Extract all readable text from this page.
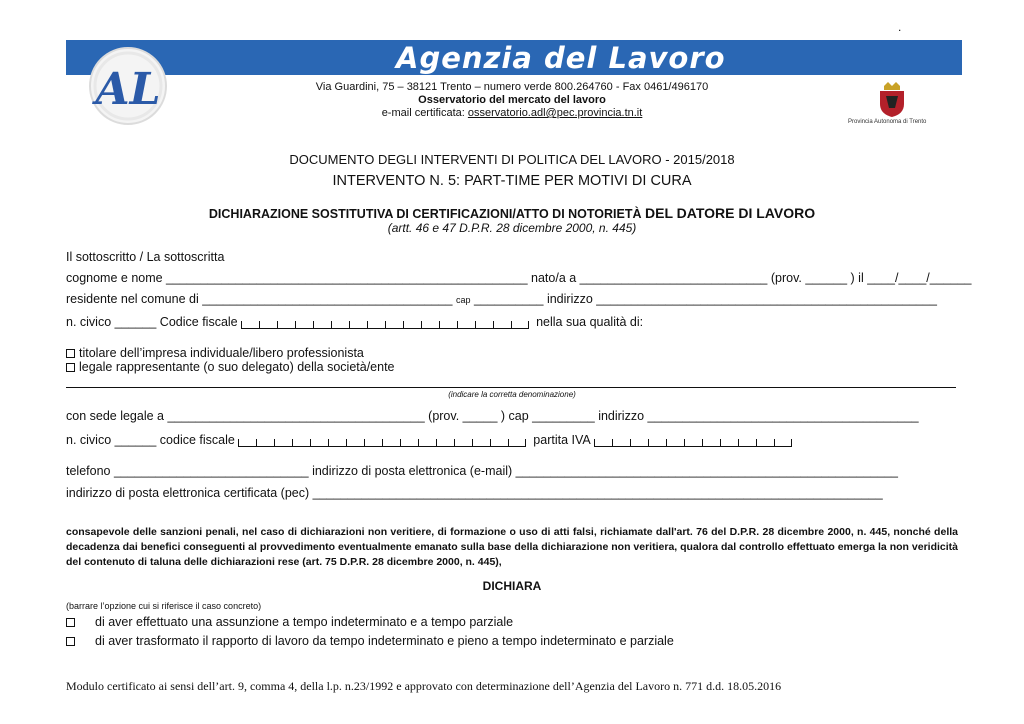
.
Agenzia del Lavoro
AL
Provincia Autonoma di Trento
Via Guardini, 75 – 38121 Trento – numero verde 800.264760 - Fax 0461/496170
Osservatorio del mercato del lavoro
e-mail certificata: osservatorio.adl@pec.provincia.tn.it
DOCUMENTO DEGLI INTERVENTI DI POLITICA DEL LAVORO - 2015/2018
INTERVENTO N. 5: PART-TIME PER MOTIVI DI CURA
DICHIARAZIONE SOSTITUTIVA DI CERTIFICAZIONI/ATTO DI NOTORIETÀ DEL DATORE DI LAVORO
(artt. 46 e 47 D.P.R. 28 dicembre 2000, n. 445)
Il sottoscritto / La sottoscritta
cognome e nome ____________________________________________________ nato/a a ___________________________ (prov. ______ ) il ____/____/______
residente nel comune di ____________________________________ cap __________ indirizzo _________________________________________________
n. civico ______ Codice fiscale	nella sua qualità di:
titolare dell’impresa individuale/libero professionista
legale rappresentante (o suo delegato) della società/ente
(indicare la corretta denominazione)
con sede legale a _____________________________________ (prov. _____ ) cap _________ indirizzo _______________________________________
n. civico ______ codice fiscale	partita IVA
telefono ____________________________ indirizzo di posta elettronica (e-mail) _______________________________________________________
indirizzo di posta elettronica certificata (pec) __________________________________________________________________________________
consapevole delle sanzioni penali, nel caso di dichiarazioni non veritiere, di formazione o uso di atti falsi, richiamate dall'art. 76 del D.P.R. 28 dicembre 2000, n. 445, nonché della decadenza dai benefici conseguenti al provvedimento eventualmente emanato sulla base della dichiarazione non veritiera, qualora dal controllo effettuato emerga la non veridicità del contenuto di taluna delle dichiarazioni rese (art. 75 D.P.R. 28 dicembre 2000, n. 445),
DICHIARA
(barrare l’opzione cui si riferisce il caso concreto)
di aver effettuato una assunzione a tempo indeterminato e a tempo parziale
di aver trasformato il rapporto di lavoro da tempo indeterminato e pieno a tempo indeterminato e parziale
Modulo certificato ai sensi dell’art. 9, comma 4, della l.p. n.23/1992 e approvato con determinazione dell’Agenzia del Lavoro n. 771 d.d. 18.05.2016
